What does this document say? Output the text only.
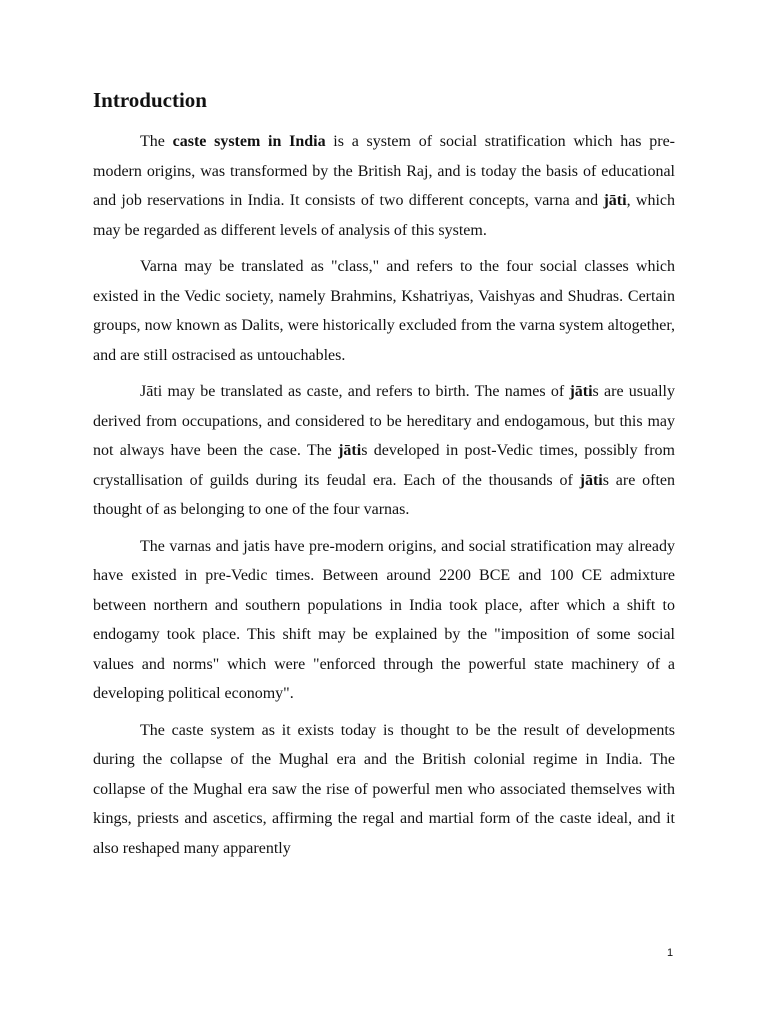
Introduction

The caste system in India is a system of social stratification which has pre-modern origins, was transformed by the British Raj, and is today the basis of educational and job reservations in India. It consists of two different concepts, varna and jāti, which may be regarded as different levels of analysis of this system.

Varna may be translated as "class," and refers to the four social classes which existed in the Vedic society, namely Brahmins, Kshatriyas, Vaishyas and Shudras. Certain groups, now known as Dalits, were historically excluded from the varna system altogether, and are still ostracised as untouchables.

Jāti may be translated as caste, and refers to birth. The names of jātis are usually derived from occupations, and considered to be hereditary and endogamous, but this may not always have been the case. The jātis developed in post-Vedic times, possibly from crystallisation of guilds during its feudal era. Each of the thousands of jātis are often thought of as belonging to one of the four varnas.

The varnas and jatis have pre-modern origins, and social stratification may already have existed in pre-Vedic times. Between around 2200 BCE and 100 CE admixture between northern and southern populations in India took place, after which a shift to endogamy took place. This shift may be explained by the "imposition of some social values and norms" which were "enforced through the powerful state machinery of a developing political economy".

The caste system as it exists today is thought to be the result of developments during the collapse of the Mughal era and the British colonial regime in India. The collapse of the Mughal era saw the rise of powerful men who associated themselves with kings, priests and ascetics, affirming the regal and martial form of the caste ideal, and it also reshaped many apparently

1
